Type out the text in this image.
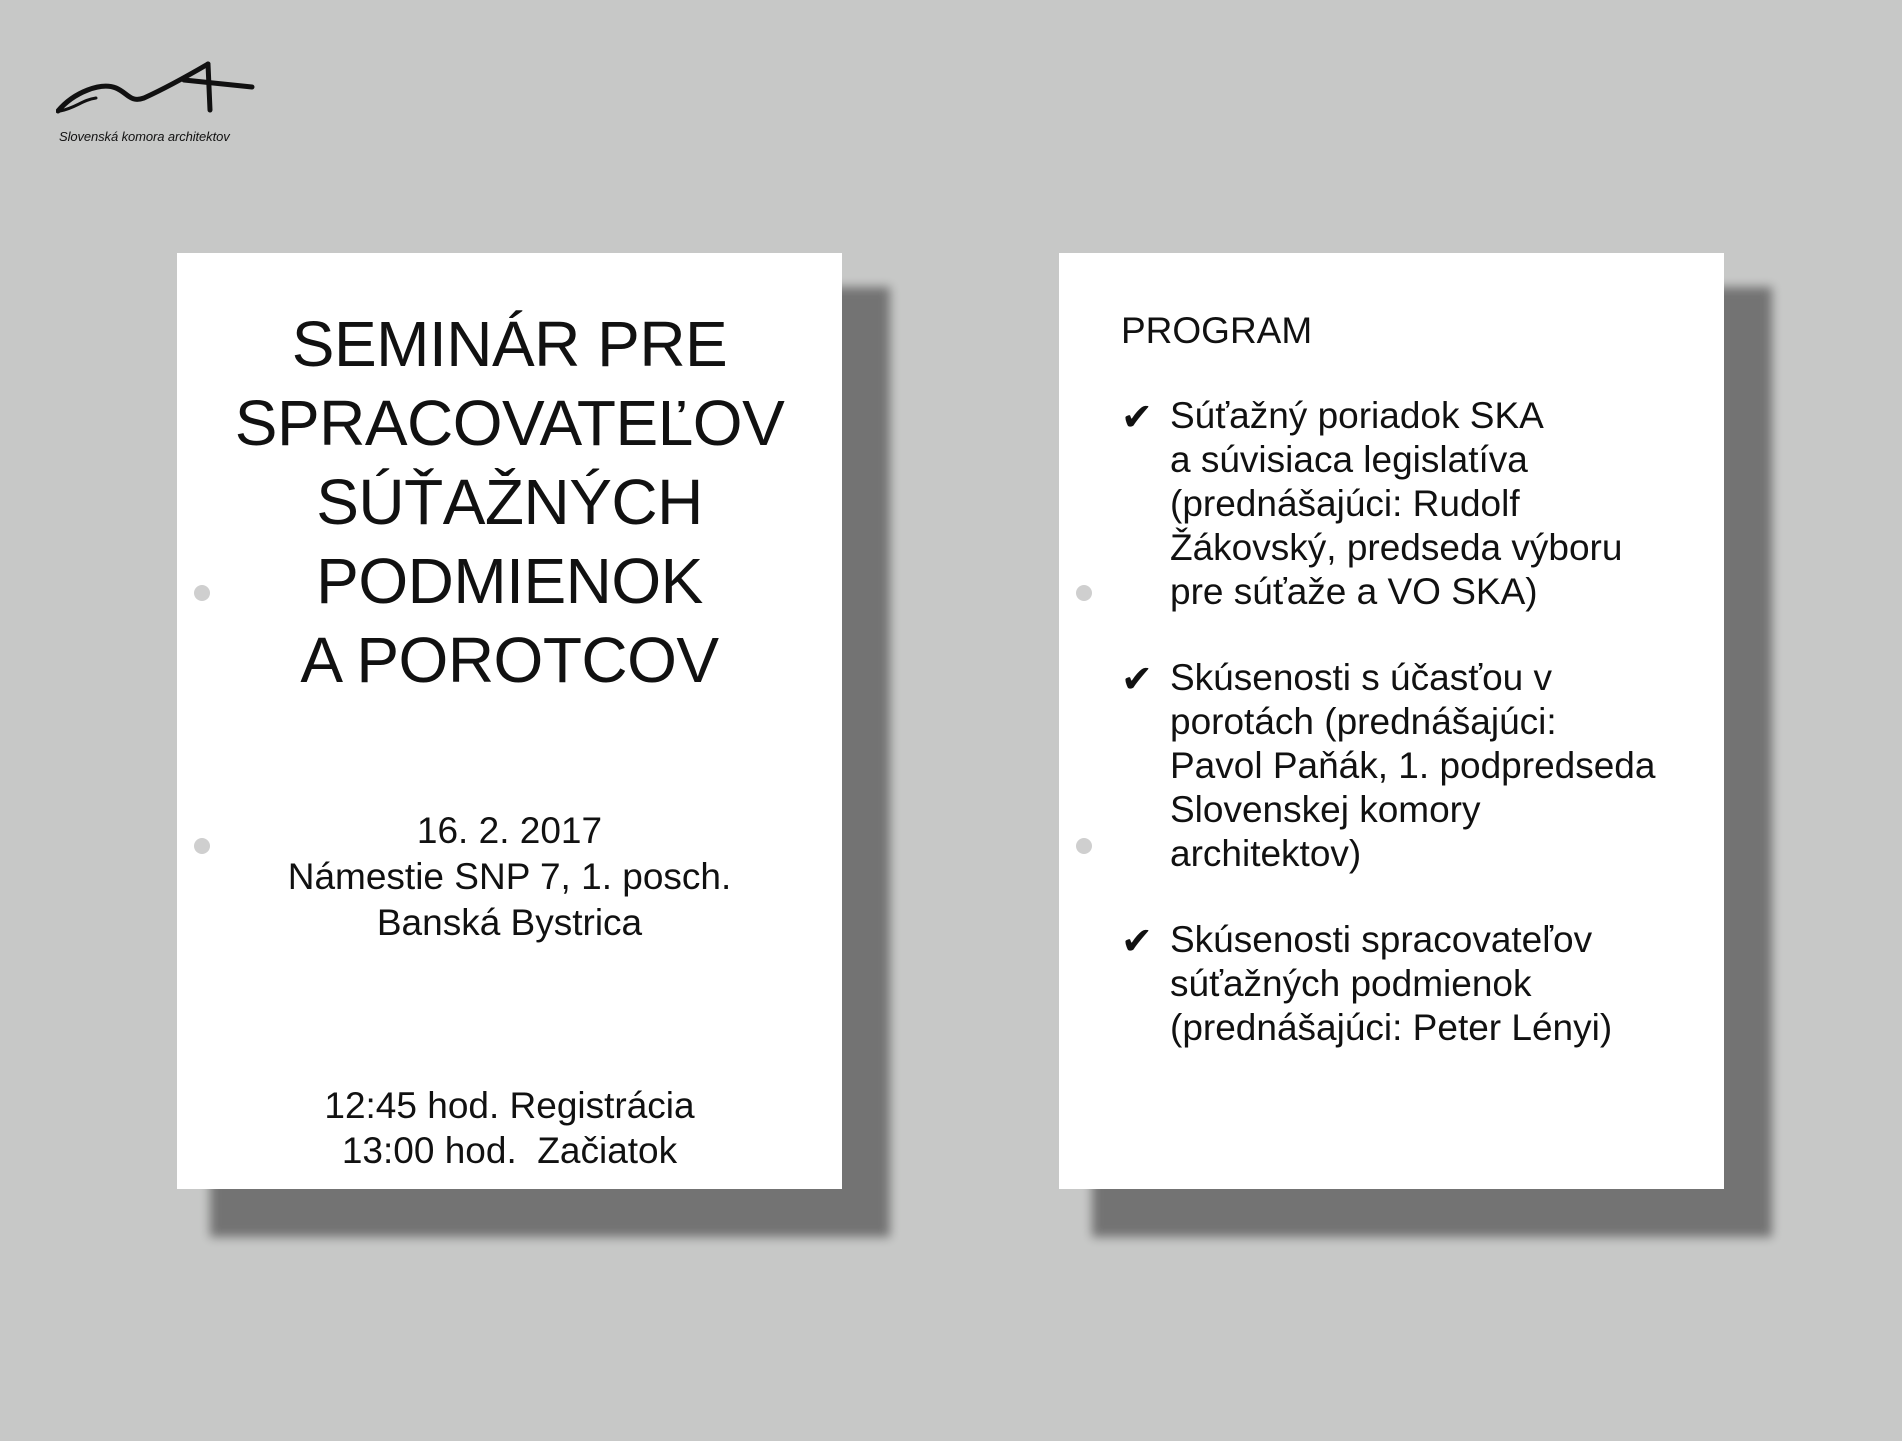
Slovenská komora architektov
SEMINÁR PRE
SPRACOVATEĽOV
SÚŤAŽNÝCH
PODMIENOK
A POROTCOV
16. 2. 2017
Námestie SNP 7, 1. posch.
Banská Bystrica
12:45 hod. Registrácia
13:00 hod.  Začiatok
PROGRAM
✔ Súťažný poriadok SKA
a súvisiaca legislatíva
(prednášajúci: Rudolf
Žákovský, predseda výboru
pre súťaže a VO SKA)
✔ Skúsenosti s účasťou v
porotách (prednášajúci:
Pavol Paňák, 1. podpredseda
Slovenskej komory
architektov)
✔ Skúsenosti spracovateľov
súťažných podmienok
(prednášajúci: Peter Lényi)
